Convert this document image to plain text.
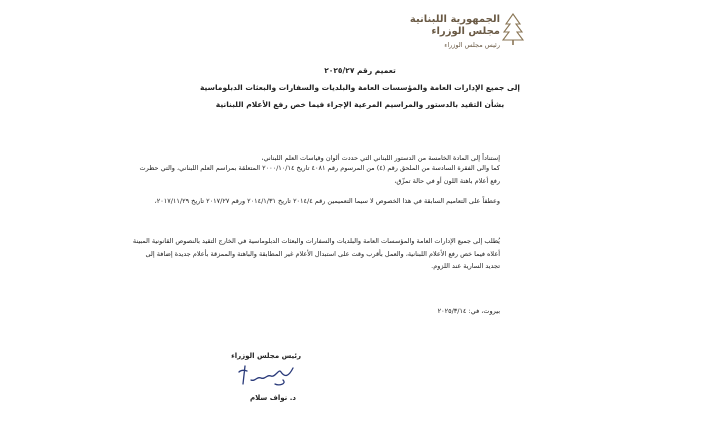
الجمهورية اللبنانية
مجلس الوزراء
رئيس مجلس الوزراء
تعميم رقم ٢٠٢٥/٢٧
إلى جميع الإدارات العامة والمؤسسات العامة والبلديات والسفارات والبعثات الدبلوماسية
بشأن التقيد بالدستور والمراسيم المرعية الإجراء فيما خص رفع الأعلام اللبنانية
إستناداً إلى المادة الخامسة من الدستور اللبناني التي حددت ألوان وقياسات العلم اللبناني،
كما والى الفقرة السادسة من الملحق رقم (٤) من المرسوم رقم ٤٠٨١ تاريخ ٢٠٠٠/١٠/١٤ المتعلقة بمراسم العلم اللبناني، والتي حظرت رفع أعلام باهتة اللون أو في حالة تمزّق،
وعطفاً على التعاميم السابقة في هذا الخصوص لا سيما التعميمين رقم ٢٠١٤/٤ تاريخ ٢٠١٤/١/٣١ ورقم ٢٠١٧/٢٧ تاريخ ٢٠١٧/١١/٢٩،
يُطلب إلى جميع الإدارات العامة والمؤسسات العامة والبلديات والسفارات والبعثات الدبلوماسية في الخارج التقيد بالنصوص القانونية المبينة أعلاه فيما خص رفع الأعلام اللبنانية، والعمل بأقرب وقت على استبدال الأعلام غير المطابقة والباهتة والممزقة بأعلام جديدة إضافة إلى تجديد السارية عند اللزوم.
بيروت، في: ٢٠٢٥/٣/١٤
رئيس مجلس الوزراء
د. نواف سلام
